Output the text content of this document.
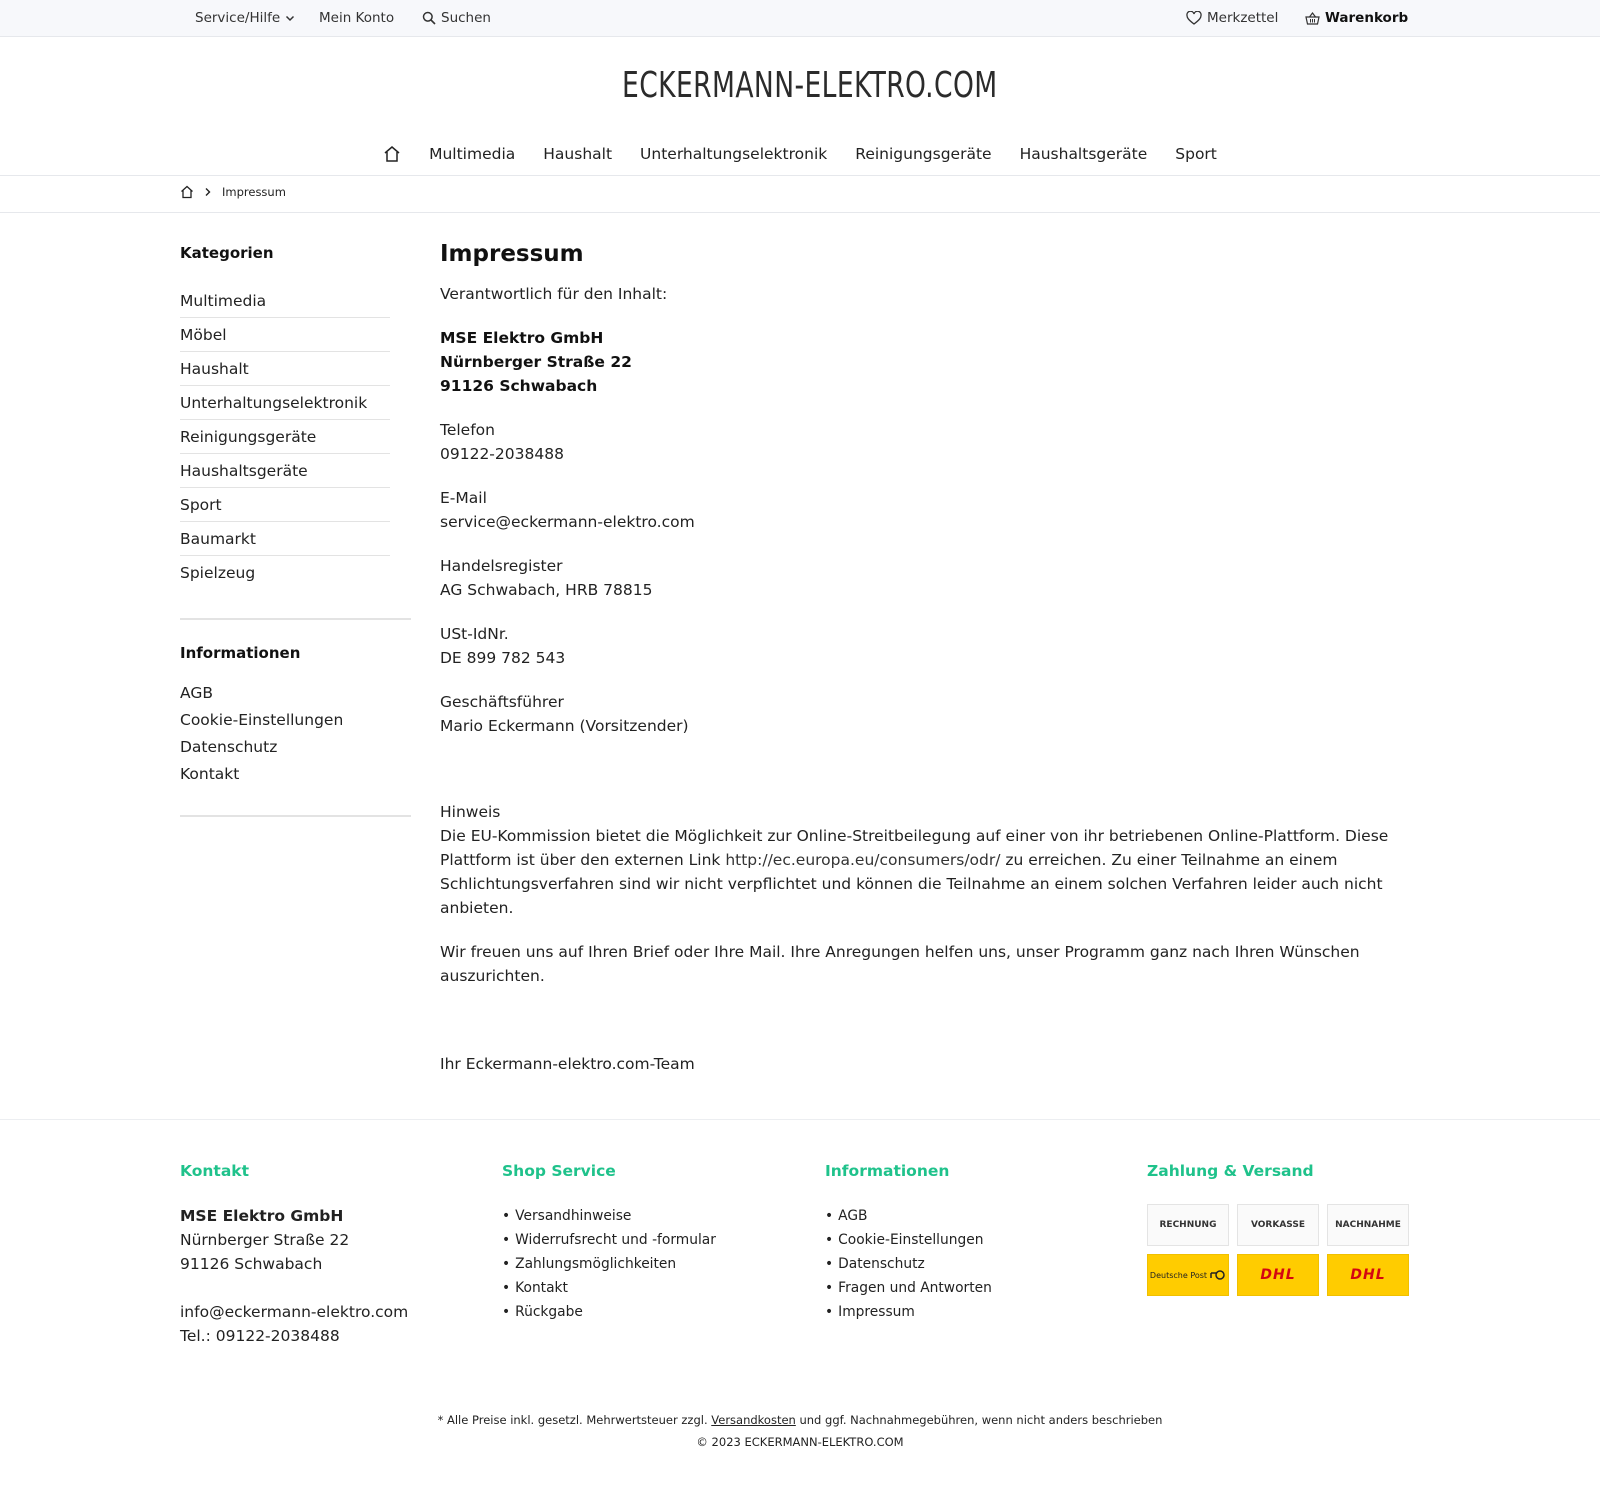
Service/Hilfe	Mein Konto	Suchen	Merkzettel	Warenkorb
ECKERMANN-ELEKTRO.COM
Multimedia Haushalt Unterhaltungselektronik Reinigungsgeräte Haushaltsgeräte Sport
Impressum
Kategorien
Multimedia
Möbel
Haushalt
Unterhaltungselektronik
Reinigungsgeräte
Haushaltsgeräte
Sport
Baumarkt
Spielzeug
Informationen
AGB
Cookie-Einstellungen
Datenschutz
Kontakt
Impressum

Verantwortlich für den Inhalt:

MSE Elektro GmbH
Nürnberger Straße 22
91126 Schwabach

Telefon
09122-2038488

E-Mail
service@eckermann-elektro.com

Handelsregister
AG Schwabach, HRB 78815

USt-IdNr.
DE 899 782 543

Geschäftsführer
Mario Eckermann (Vorsitzender)

Hinweis
Die EU-Kommission bietet die Möglichkeit zur Online-Streitbeilegung auf einer von ihr betriebenen Online-Plattform. Diese Plattform ist über den externen Link http://ec.europa.eu/consumers/odr/ zu erreichen. Zu einer Teilnahme an einem Schlichtungsverfahren sind wir nicht verpflichtet und können die Teilnahme an einem solchen Verfahren leider auch nicht anbieten.

Wir freuen uns auf Ihren Brief oder Ihre Mail. Ihre Anregungen helfen uns, unser Programm ganz nach Ihren Wünschen auszurichten.

Ihr Eckermann-elektro.com-Team

Kontakt
MSE Elektro GmbH
Nürnberger Straße 22
91126 Schwabach

info@eckermann-elektro.com
Tel.: 09122-2038488
Shop Service
• Versandhinweise
• Widerrufsrecht und -formular
• Zahlungsmöglichkeiten
• Kontakt
• Rückgabe
Informationen
• AGB
• Cookie-Einstellungen
• Datenschutz
• Fragen und Antworten
• Impressum
Zahlung & Versand
RECHNUNG	VORKASSE	NACHNAHME
Deutsche Post	DHL	DHL
* Alle Preise inkl. gesetzl. Mehrwertsteuer zzgl. Versandkosten und ggf. Nachnahmegebühren, wenn nicht anders beschrieben
© 2023 ECKERMANN-ELEKTRO.COM
